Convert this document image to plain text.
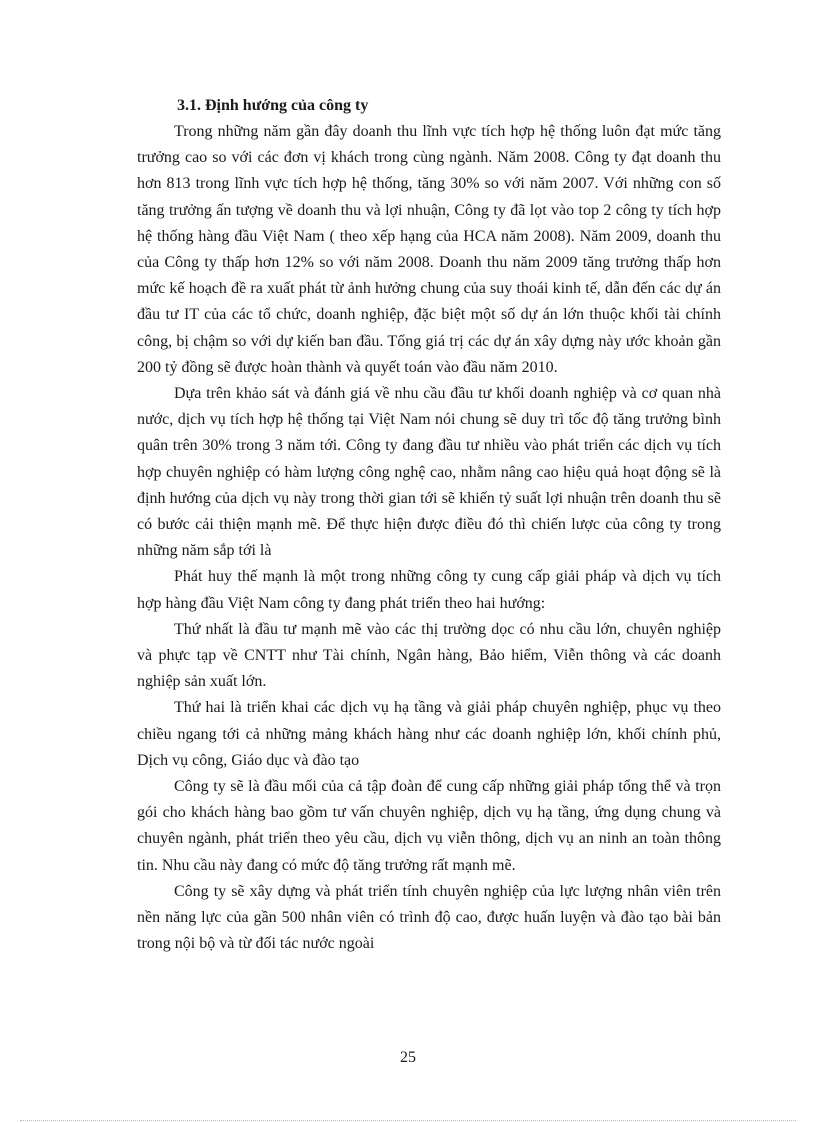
3.1. Định hướng của công ty

Trong những năm gần đây doanh thu lĩnh vực tích hợp hệ thống luôn đạt mức tăng trưởng cao so với các đơn vị khách trong cùng ngành. Năm 2008. Công ty đạt doanh thu hơn 813 trong lĩnh vực tích hợp hệ thống, tăng 30% so với năm 2007. Với những con số tăng trưởng ấn tượng về doanh thu và lợi nhuận, Công ty đã lọt vào top 2 công ty tích hợp hệ thống hàng đầu Việt Nam ( theo xếp hạng của HCA năm 2008). Năm 2009, doanh thu của Công ty thấp hơn 12% so với năm 2008. Doanh thu năm 2009 tăng trưởng thấp hơn mức kế hoạch đề ra xuất phát từ ảnh hưởng chung của suy thoái kinh tế, dẫn đến các dự án đầu tư IT của các tổ chức, doanh nghiệp, đặc biệt một số dự án lớn thuộc khối tài chính công, bị chậm so với dự kiến ban đầu. Tổng giá trị các dự án xây dựng này ước khoản gần 200 tỷ đồng sẽ được hoàn thành và quyết toán vào đầu năm 2010.

Dựa trên khảo sát và đánh giá về nhu cầu đầu tư khối doanh nghiệp và cơ quan nhà nước, dịch vụ tích hợp hệ thống tại Việt Nam nói chung sẽ duy trì tốc độ tăng trưởng bình quân trên 30% trong 3 năm tới. Công ty đang đầu tư nhiều vào phát triển các dịch vụ tích hợp chuyên nghiệp có hàm lượng công nghệ cao, nhằm nâng cao hiệu quả hoạt động sẽ là định hướng của dịch vụ này trong thời gian tới sẽ khiến tỷ suất lợi nhuận trên doanh thu sẽ có bước cải thiện mạnh mẽ. Để thực hiện được điều đó thì chiến lược của công ty trong những năm sắp tới là

Phát huy thế mạnh là một trong những công ty cung cấp giải pháp và dịch vụ tích hợp hàng đầu Việt Nam công ty đang phát triển theo hai hướng:

Thứ nhất là đầu tư mạnh mẽ vào các thị trường dọc có nhu cầu lớn, chuyên nghiệp và phực tạp về CNTT như Tài chính, Ngân hàng, Bảo hiểm, Viễn thông và các doanh nghiệp sản xuất lớn.

Thứ hai là triển khai các dịch vụ hạ tầng và giải pháp chuyên nghiệp, phục vụ theo chiều ngang tới cả những mảng khách hàng như các doanh nghiệp lớn, khối chính phủ, Dịch vụ công, Giáo dục và đào tạo

Công ty sẽ là đầu mối của cả tập đoàn để cung cấp những giải pháp tổng thể và trọn gói cho khách hàng bao gồm tư vấn chuyên nghiệp, dịch vụ hạ tầng, ứng dụng chung và chuyên ngành, phát triển theo yêu cầu, dịch vụ viễn thông, dịch vụ an ninh an toàn thông tin. Nhu cầu này đang có mức độ tăng trưởng rất mạnh mẽ.

Công ty sẽ xây dựng và phát triển tính chuyên nghiệp của lực lượng nhân viên trên nền năng lực của gần 500 nhân viên có trình độ cao, được huấn luyện và đào tạo bài bản trong nội bộ và từ đối tác nước ngoài

25
